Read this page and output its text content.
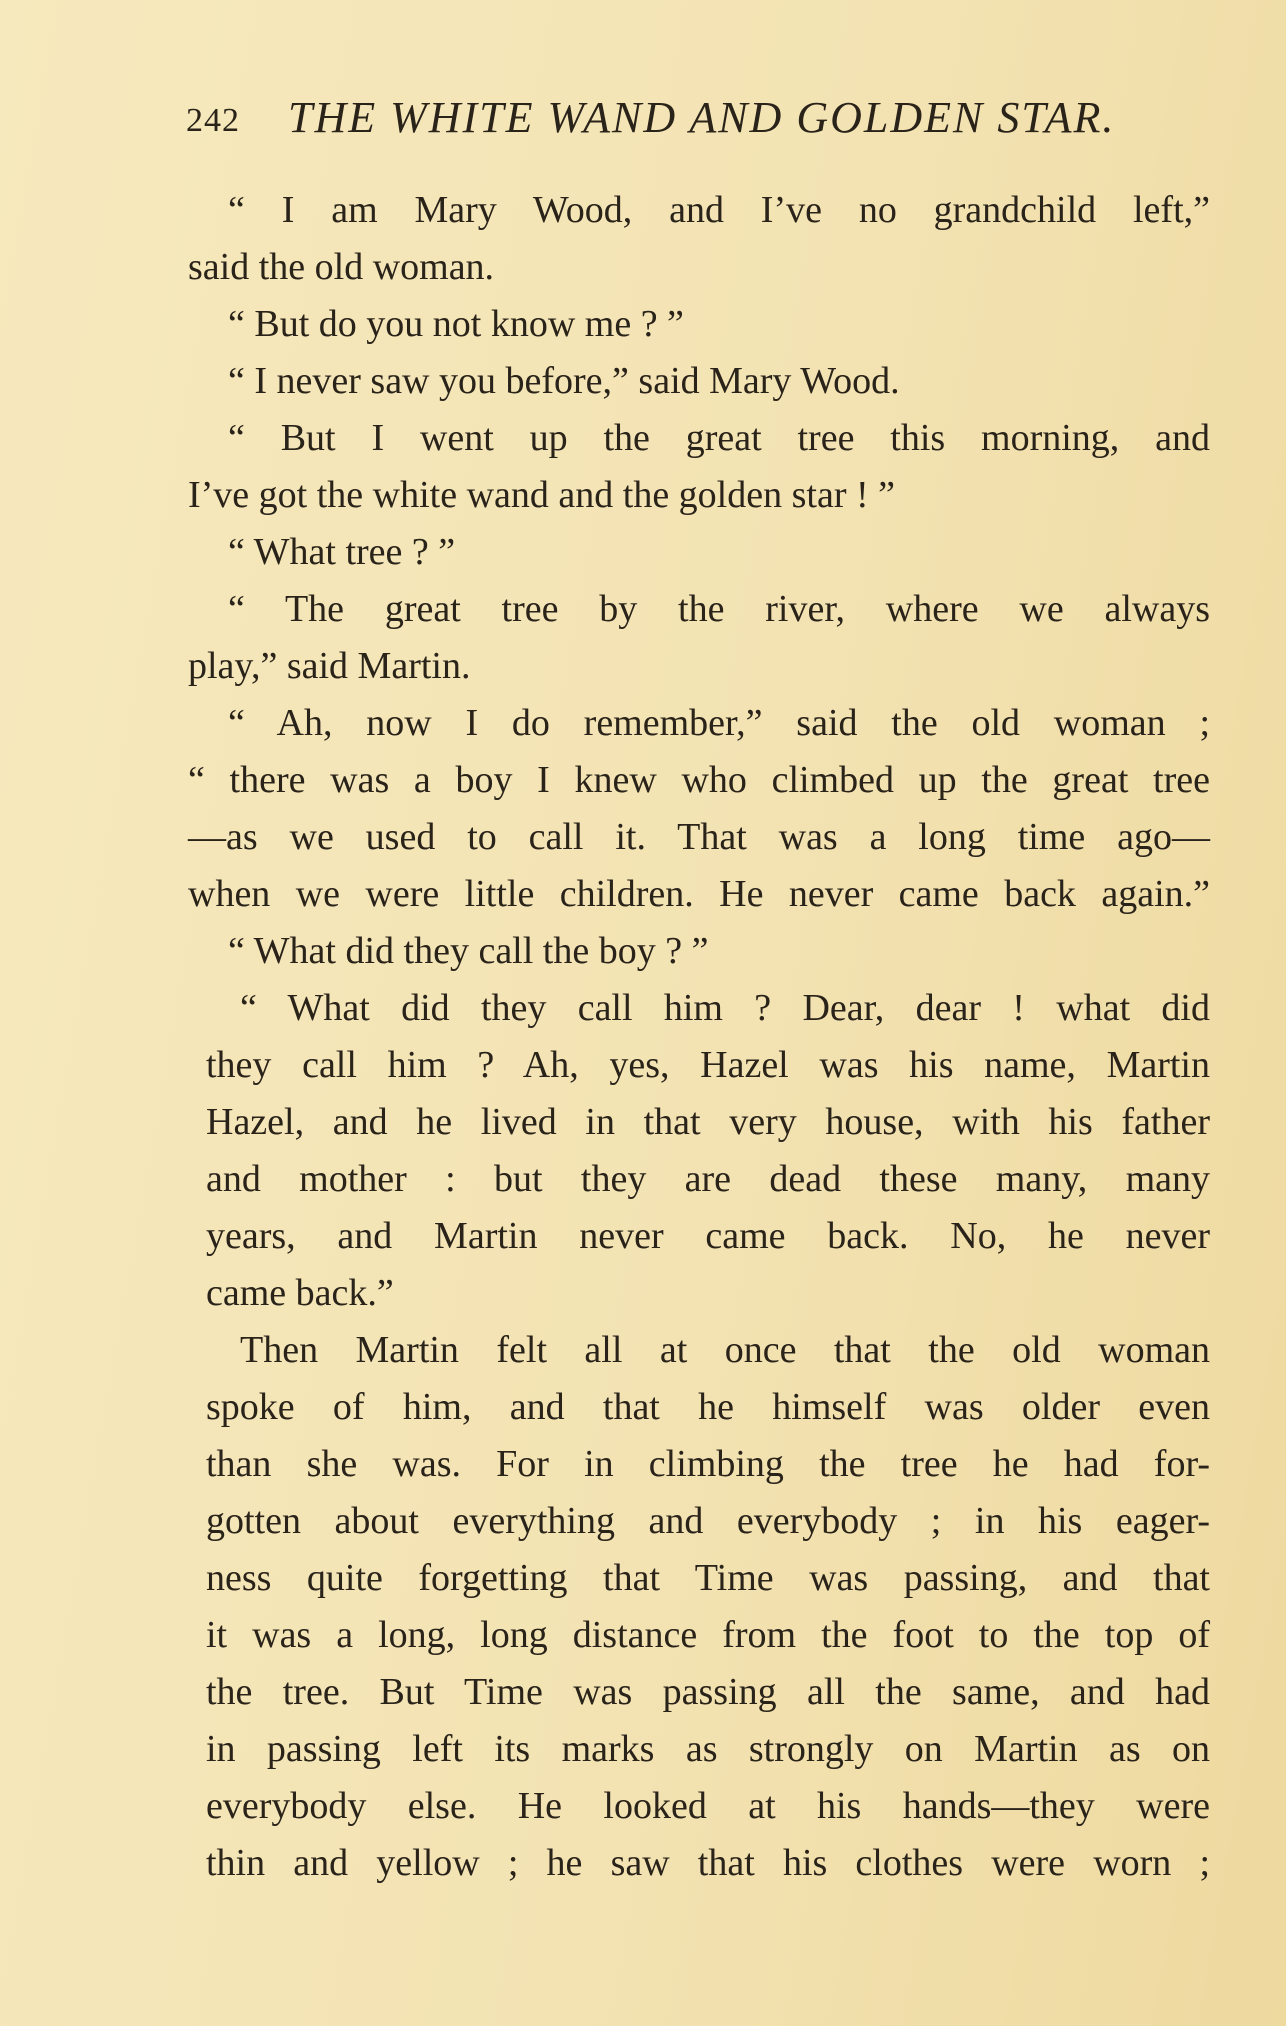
242 THE WHITE WAND AND GOLDEN STAR.
“ I am Mary Wood, and I’ve no grandchild left,”
said the old woman.
“ But do you not know me ? ”
“ I never saw you before,” said Mary Wood.
“ But I went up the great tree this morning, and
I’ve got the white wand and the golden star ! ”
“ What tree ? ”
“ The great tree by the river, where we always
play,” said Martin.
“ Ah, now I do remember,” said the old woman ;
“ there was a boy I knew who climbed up the great tree
—as we used to call it. That was a long time ago—
when we were little children. He never came back again.”
“ What did they call the boy ? ”
“ What did they call him ? Dear, dear ! what did
they call him ? Ah, yes, Hazel was his name, Martin
Hazel, and he lived in that very house, with his father
and mother : but they are dead these many, many
years, and Martin never came back. No, he never
came back.”
Then Martin felt all at once that the old woman
spoke of him, and that he himself was older even
than she was. For in climbing the tree he had for-
gotten about everything and everybody ; in his eager-
ness quite forgetting that Time was passing, and that
it was a long, long distance from the foot to the top of
the tree. But Time was passing all the same, and had
in passing left its marks as strongly on Martin as on
everybody else. He looked at his hands—they were
thin and yellow ; he saw that his clothes were worn ;
